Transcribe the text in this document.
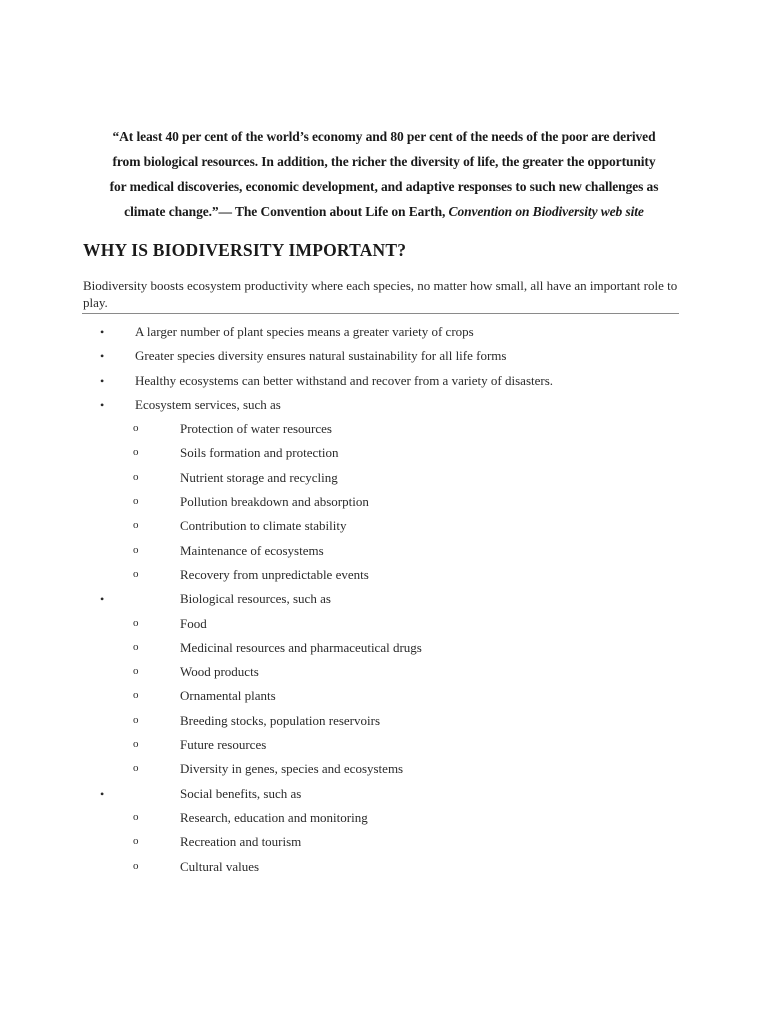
“At least 40 per cent of the world’s economy and 80 per cent of the needs of the poor are derived
from biological resources. In addition, the richer the diversity of life, the greater the opportunity
for medical discoveries, economic development, and adaptive responses to such new challenges as
climate change.”— The Convention about Life on Earth, Convention on Biodiversity web site
WHY IS BIODIVERSITY IMPORTANT?

Biodiversity boosts ecosystem productivity where each species, no matter how small, all have an important role to play.

• A larger number of plant species means a greater variety of crops
• Greater species diversity ensures natural sustainability for all life forms
• Healthy ecosystems can better withstand and recover from a variety of disasters.
• Ecosystem services, such as
o	Protection of water resources
o	Soils formation and protection
o	Nutrient storage and recycling
o	Pollution breakdown and absorption
o	Contribution to climate stability
o	Maintenance of ecosystems
o	Recovery from unpredictable events
•	Biological resources, such as
o	Food
o	Medicinal resources and pharmaceutical drugs
o	Wood products
o	Ornamental plants
o	Breeding stocks, population reservoirs
o	Future resources
o	Diversity in genes, species and ecosystems
•	Social benefits, such as
o	Research, education and monitoring
o	Recreation and tourism
o	Cultural values
